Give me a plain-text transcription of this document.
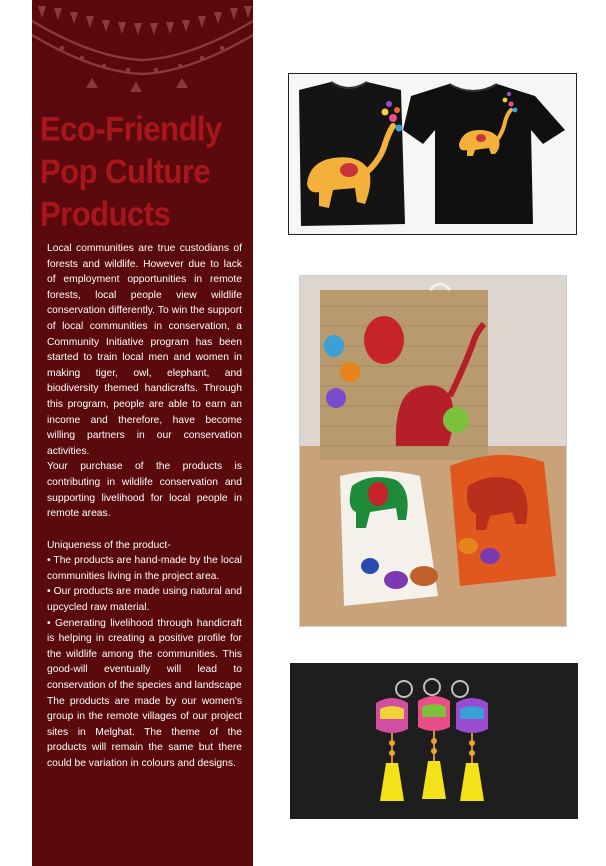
Eco-Friendly
Pop Culture
Products

Local communities are true custodians of forests and wildlife. However due to lack of employment opportunities in remote forests, local people view wildlife conservation differently. To win the support of local communities in conservation, a Community Initiative program has been started to train local men and women in making tiger, owl, elephant, and biodiversity themed handicrafts. Through this program, people are able to earn an income and therefore, have become willing partners in our conservation activities.

Your purchase of the products is contributing in wildlife conservation and supporting livelihood for local people in remote areas.

Uniqueness of the product-

• The products are hand-made by the local communities living in the project area.

• Our products are made using natural and upcycled raw material.

• Generating livelihood through handicraft is helping in creating a positive profile for the wildlife among the communities. This good-will eventually will lead to conservation of the species and landscape

The products are made by our women's group in the remote villages of our project sites in Melghat. The theme of the products will remain the same but there could be variation in colours and designs.
